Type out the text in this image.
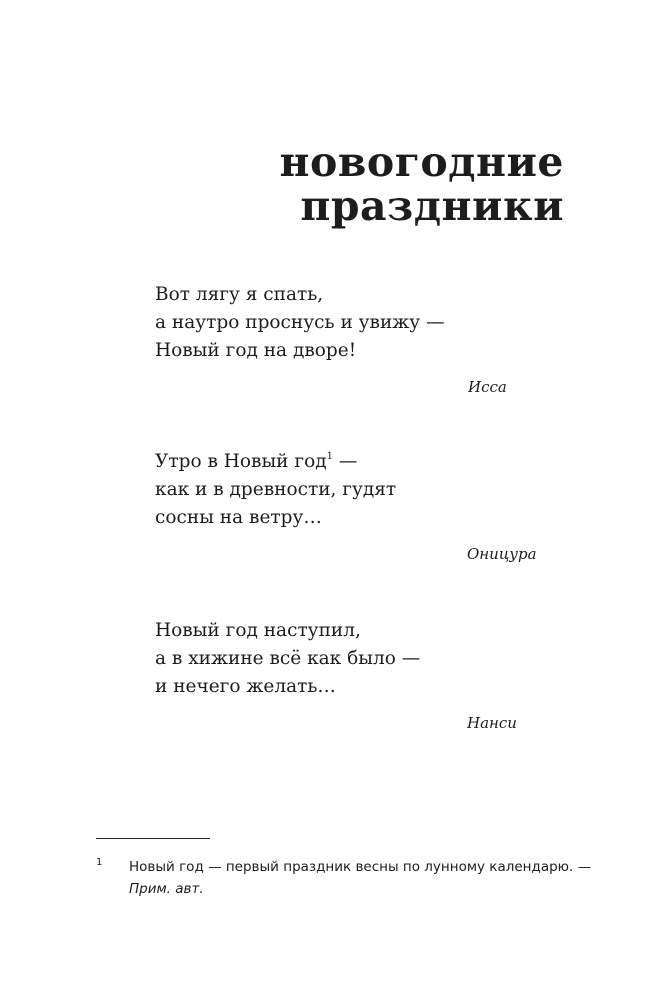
новогодние
праздники
Вот лягу я спать,
а наутро проснусь и увижу —
Новый год на дворе!
Исса
Утро в Новый год$^1$ —
как и в древности, гудят
сосны на ветру…
Оницура
Новый год наступил,
а в хижине всё как было —
и нечего желать…
Нанси
1 Новый год — первый праздник весны по лунному календарю. —
Прим. авт.
